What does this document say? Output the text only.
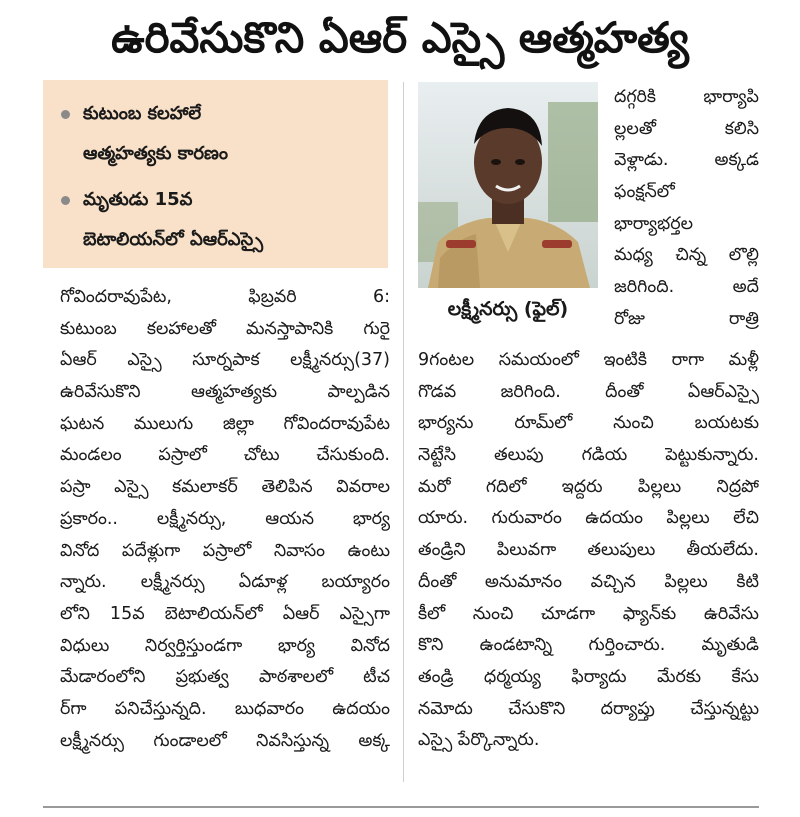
ఉరివేసుకొని ఏఆర్ ఎస్సై ఆత్మహత్య
కుటుంబ కలహాలే
ఆత్మహత్యకు కారణం
మృతుడు 15వ
బెటాలియన్‌లో ఏఆర్ఎస్సై
లక్ష్మీనర్సు (ఫైల్)
గోవిందరావుపేట, ఫిబ్రవరి 6:
కుటుంబ కలహాలతో మనస్తాపానికి గురై
ఏఆర్ ఎస్సై సూర్నపాక లక్ష్మీనర్సు(37)
ఉరివేసుకొని ఆత్మహత్యకు పాల్పడిన
ఘటన ములుగు జిల్లా గోవిందరావుపేట
మండలం పస్రాలో చోటు చేసుకుంది.
పస్రా ఎస్సై కమలాకర్ తెలిపిన వివరాల
ప్రకారం.. లక్ష్మీనర్సు, ఆయన భార్య
వినోద పదేళ్లుగా పస్రాలో నివాసం ఉంటు
న్నారు. లక్ష్మీనర్సు ఏడూళ్ల బయ్యారం
లోని 15వ బెటాలియన్‌లో ఏఆర్ ఎస్సైగా
విధులు నిర్వర్తిస్తుండగా భార్య వినోద
మేడారంలోని ప్రభుత్వ పాఠశాలలో టీచ
ర్‌గా పనిచేస్తున్నది. బుధవారం ఉదయం
లక్ష్మీనర్సు గుండాలలో నివసిస్తున్న అక్క
దగ్గరికి భార్యాపి
ల్లలతో కలిసి
వెళ్లాడు. అక్కడ
ఫంక్షన్‌లో
భార్యాభర్తల
మధ్య చిన్న లొల్లి
జరిగింది. అదే
రోజు రాత్రి
9గంటల సమయంలో ఇంటికి రాగా మళ్లీ
గొడవ జరిగింది. దీంతో ఏఆర్ఎస్సై
భార్యను రూమ్‌లో నుంచి బయటకు
నెట్టేసి తలుపు గడియ పెట్టుకున్నారు.
మరో గదిలో ఇద్దరు పిల్లలు నిద్రపో
యారు. గురువారం ఉదయం పిల్లలు లేచి
తండ్రిని పిలువగా తలుపులు తీయలేదు.
దీంతో అనుమానం వచ్చిన పిల్లలు కిటి
కీలో నుంచి చూడగా ఫ్యాన్‌కు ఉరివేసు
కొని ఉండటాన్ని గుర్తించారు. మృతుడి
తండ్రి ధర్మయ్య ఫిర్యాదు మేరకు కేసు
నమోదు చేసుకొని దర్యాప్తు చేస్తున్నట్టు
ఎస్సై పేర్కొన్నారు.
